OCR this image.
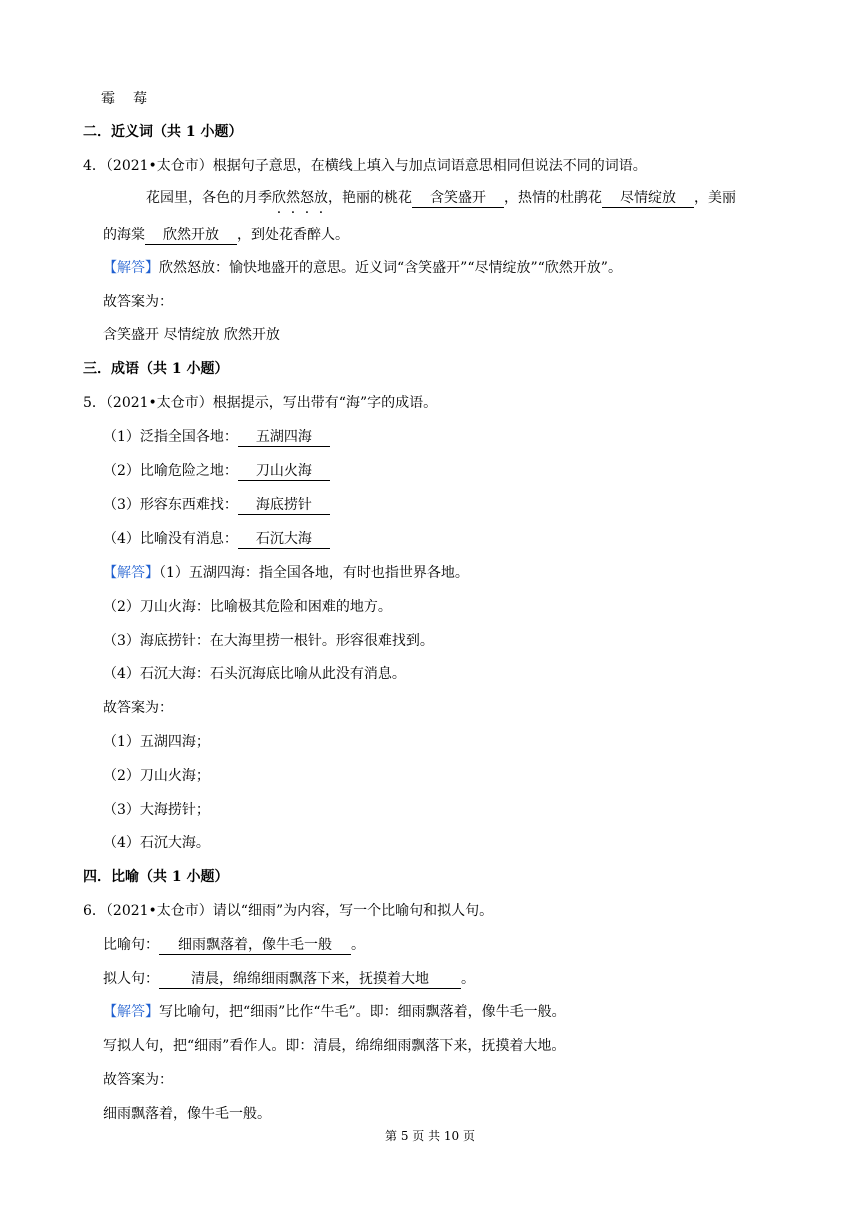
霉 莓
二．近义词（共 1 小题）
4．（2021•太仓市）根据句子意思，在横线上填入与加点词语意思相同但说法不同的词语。
花园里，各色的月季欣然怒放，艳丽的桃花 含笑盛开 ，热情的杜鹃花 尽情绽放 ，美丽
的海棠 欣然开放 ，到处花香醉人。
【解答】欣然怒放：愉快地盛开的意思。近义词“含笑盛开”“尽情绽放”“欣然开放”。
故答案为：
含笑盛开 尽情绽放 欣然开放
三．成语（共 1 小题）
5．（2021•太仓市）根据提示，写出带有“海”字的成语。
（1）泛指全国各地： 五湖四海
（2）比喻危险之地： 刀山火海
（3）形容东西难找： 海底捞针
（4）比喻没有消息： 石沉大海
【解答】（1）五湖四海：指全国各地，有时也指世界各地。
（2）刀山火海：比喻极其危险和困难的地方。
（3）海底捞针：在大海里捞一根针。形容很难找到。
（4）石沉大海：石头沉海底比喻从此没有消息。
故答案为：
（1）五湖四海；
（2）刀山火海；
（3）大海捞针；
（4）石沉大海。
四．比喻（共 1 小题）
6．（2021•太仓市）请以“细雨”为内容，写一个比喻句和拟人句。
比喻句： 细雨飘落着，像牛毛一般 。
拟人句： 清晨，绵绵细雨飘落下来，抚摸着大地 。
【解答】写比喻句，把“细雨”比作“牛毛”。即：细雨飘落着，像牛毛一般。
写拟人句，把“细雨”看作人。即：清晨，绵绵细雨飘落下来，抚摸着大地。
故答案为：
细雨飘落着，像牛毛一般。
第 5 页 共 10 页
